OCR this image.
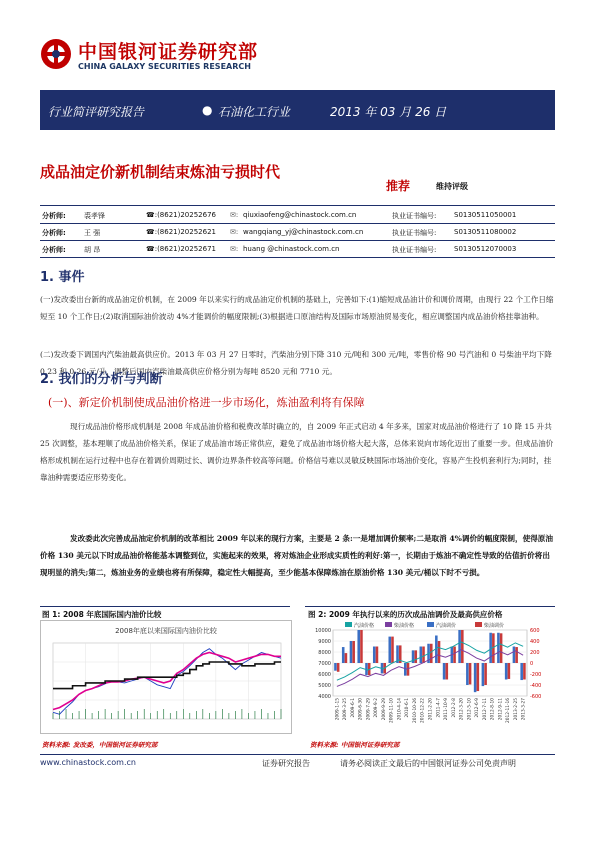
中国银河证券研究部
CHINA GALAXY SECURITIES RESEARCH
行业简评研究报告	● 石油化工行业	2013 年 03 月 26 日
成品油定价新机制结束炼油亏损时代
推荐	维持评级
分析师:	裘孝锋	☎:(8621)20252676 ✉: qiuxiaofeng@chinastock.com.cn	执业证书编号:	S0130511050001
分析师:	王 强	☎:(8621)20252621 ✉: wangqiang_yj@chinastock.com.cn	执业证书编号:	S0130511080002
分析师:	胡 昂	☎:(8621)20252671 ✉: huang @chinastock.com.cn	执业证书编号:	S0130512070003
1. 事件
(一)发改委出台新的成品油定价机制，在 2009 年以来实行的成品油定价机制的基础上，完善如下:(1)缩短成品油计价和调价周期，由现行 22 个工作日缩短至 10 个工作日;(2)取消国际油价波动 4%才能调价的幅度限制;(3)根据进口原油结构及国际市场原油贸易变化，相应调整国内成品油价格挂靠油种。
(二)发改委下调国内汽柴油最高供应价。2013 年 03 月 27 日零时，汽柴油分别下降 310 元/吨和 300 元/吨，零售价格 90 号汽油和 0 号柴油平均下降 0.23 和 0.26 元/升，调整后国内汽柴油最高供应价格分别为每吨 8520 元和 7710 元。
2. 我们的分析与判断
(一)、新定价机制使成品油价格进一步市场化，炼油盈利将有保障
现行成品油价格形成机制是 2008 年成品油价格和税费改革时确立的，自 2009 年正式启动 4 年多来，国家对成品油价格进行了 10 降 15 升共 25 次调整，基本理顺了成品油价格关系，保证了成品油市场正常供应，避免了成品油市场价格大起大落，总体来说向市场化迈出了重要一步。但成品油价格形成机制在运行过程中也存在着调价周期过长、调价边界条件较高等问题。价格信号难以灵敏反映国际市场油价变化，容易产生投机套利行为;同时，挂靠油种需要适应形势变化。
发改委此次完善成品油定价机制的改革相比 2009 年以来的现行方案，主要是 2 条:一是增加调价频率;二是取消 4%调价的幅度限制，使得原油价格 130 美元以下时成品油价格能基本调整到位，实施起来的效果，将对炼油企业形成实质性的利好:第一，长期由于炼油不确定性导致的估值折价将出现明显的消失;第二，炼油业务的业绩也将有所保障，稳定性大幅提高，至少能基本保障炼油在原油价格 130 美元/桶以下时不亏损。
图 1: 2008 年底国际国内油价比较	图 2: 2009 年执行以来的历次成品油调价及最高供应价格
2008年底以来国际国内油价比较
资料来源: 发改委，中国银河证券研究部
10000
9000
8000
7000
6000
5000
4000
600
400
200
0
-200
-400
-600
2009-1-15 2009-3-25 2009-6-1 2009-6-30 2009-7-29 2009-9-2 2009-9-29 2009-11-10 2010-4-14 2010-6-1 2010-10-26 2010-12-22 2011-2-20 2011-4-7 2011-10-9 2012-2-8 2012-3-20 2012-5-10 2012-6-9 2012-7-11 2012-8-10 2012-9-11 2012-11-16 2013-2-25 2013-3-27
汽油价格	柴油价格	汽油调价	柴油调价
资料来源: 中国银河证券研究部
www.chinastock.com.cn	证券研究报告	请务必阅读正文最后的中国银河证券公司免责声明
